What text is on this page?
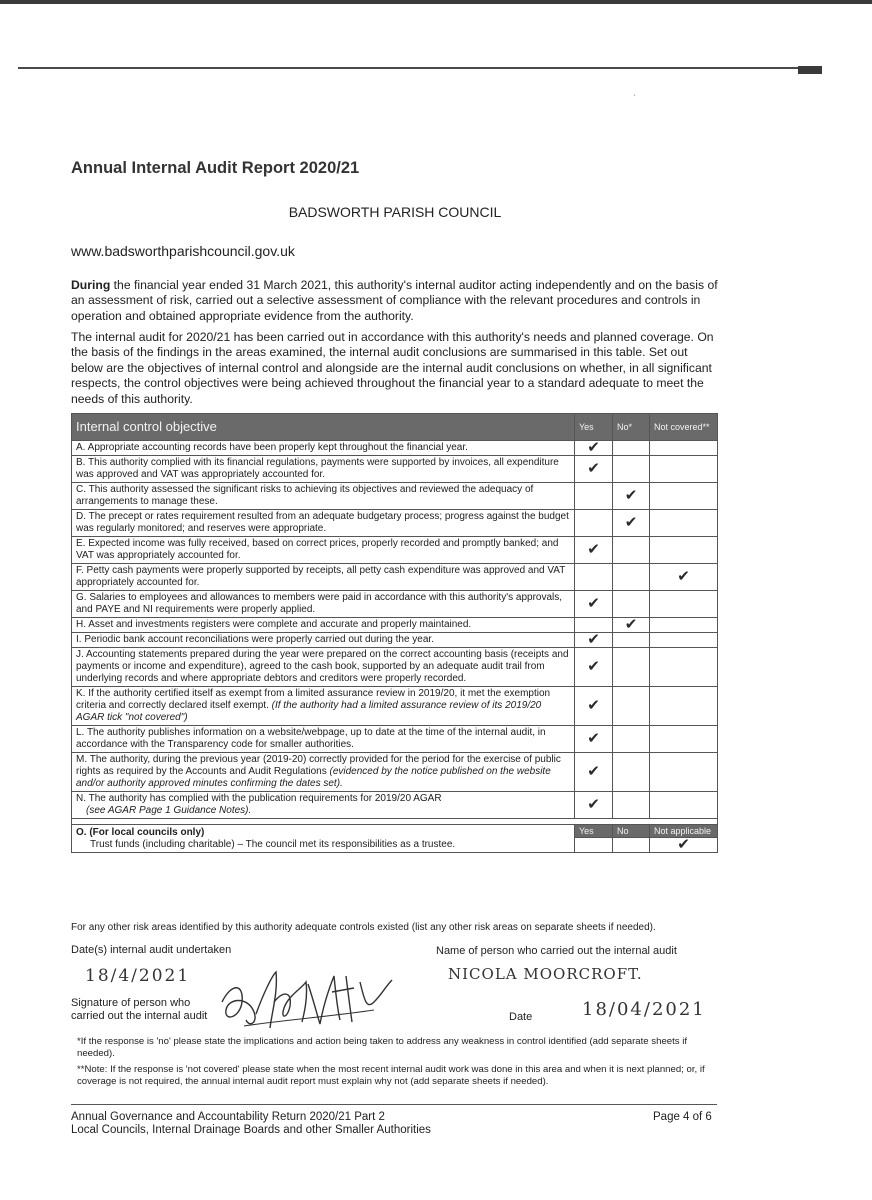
˴
Annual Internal Audit Report 2020/21
BADSWORTH PARISH COUNCIL
www.badsworthparishcouncil.gov.uk
During the financial year ended 31 March 2021, this authority's internal auditor acting independently and on the basis of an assessment of risk, carried out a selective assessment of compliance with the relevant procedures and controls in operation and obtained appropriate evidence from the authority.
The internal audit for 2020/21 has been carried out in accordance with this authority's needs and planned coverage. On the basis of the findings in the areas examined, the internal audit conclusions are summarised in this table. Set out below are the objectives of internal control and alongside are the internal audit conclusions on whether, in all significant respects, the control objectives were being achieved throughout the financial year to a standard adequate to meet the needs of this authority.
Internal control objective	Yes	No*	Not covered**
A. Appropriate accounting records have been properly kept throughout the financial year.	✔		
B. This authority complied with its financial regulations, payments were supported by invoices, all expenditure was approved and VAT was appropriately accounted for.	✔		
C. This authority assessed the significant risks to achieving its objectives and reviewed the adequacy of arrangements to manage these.		✔	
D. The precept or rates requirement resulted from an adequate budgetary process; progress against the budget was regularly monitored; and reserves were appropriate.		✔	
E. Expected income was fully received, based on correct prices, properly recorded and promptly banked; and VAT was appropriately accounted for.	✔		
F. Petty cash payments were properly supported by receipts, all petty cash expenditure was approved and VAT appropriately accounted for.			✔
G. Salaries to employees and allowances to members were paid in accordance with this authority's approvals, and PAYE and NI requirements were properly applied.	✔		
H. Asset and investments registers were complete and accurate and properly maintained.		✔	
I. Periodic bank account reconciliations were properly carried out during the year.	✔		
J. Accounting statements prepared during the year were prepared on the correct accounting basis (receipts and payments or income and expenditure), agreed to the cash book, supported by an adequate audit trail from underlying records and where appropriate debtors and creditors were properly recorded.	✔		
K. If the authority certified itself as exempt from a limited assurance review in 2019/20, it met the exemption criteria and correctly declared itself exempt. (If the authority had a limited assurance review of its 2019/20 AGAR tick "not covered")	✔		
L. The authority publishes information on a website/webpage, up to date at the time of the internal audit, in accordance with the Transparency code for smaller authorities.	✔		
M. The authority, during the previous year (2019-20) correctly provided for the period for the exercise of public rights as required by the Accounts and Audit Regulations (evidenced by the notice published on the website and/or authority approved minutes confirming the dates set).	✔		
N. The authority has complied with the publication requirements for 2019/20 AGAR
(see AGAR Page 1 Guidance Notes).	✔		

O. (For local councils only)
Trust funds (including charitable) – The council met its responsibilities as a trustee.	Yes	No	Not applicable
			✔
For any other risk areas identified by this authority adequate controls existed (list any other risk areas on separate sheets if needed).
Date(s) internal audit undertaken
18/4/2021
Name of person who carried out the internal audit
NICOLA MOORCROFT.
Signature of person who carried out the internal audit	Date	18/04/2021
*If the response is 'no' please state the implications and action being taken to address any weakness in control identified (add separate sheets if needed).
**Note: If the response is 'not covered' please state when the most recent internal audit work was done in this area and when it is next planned; or, if coverage is not required, the annual internal audit report must explain why not (add separate sheets if needed).
Annual Governance and Accountability Return 2020/21 Part 2
Local Councils, Internal Drainage Boards and other Smaller Authorities
Page 4 of 6
